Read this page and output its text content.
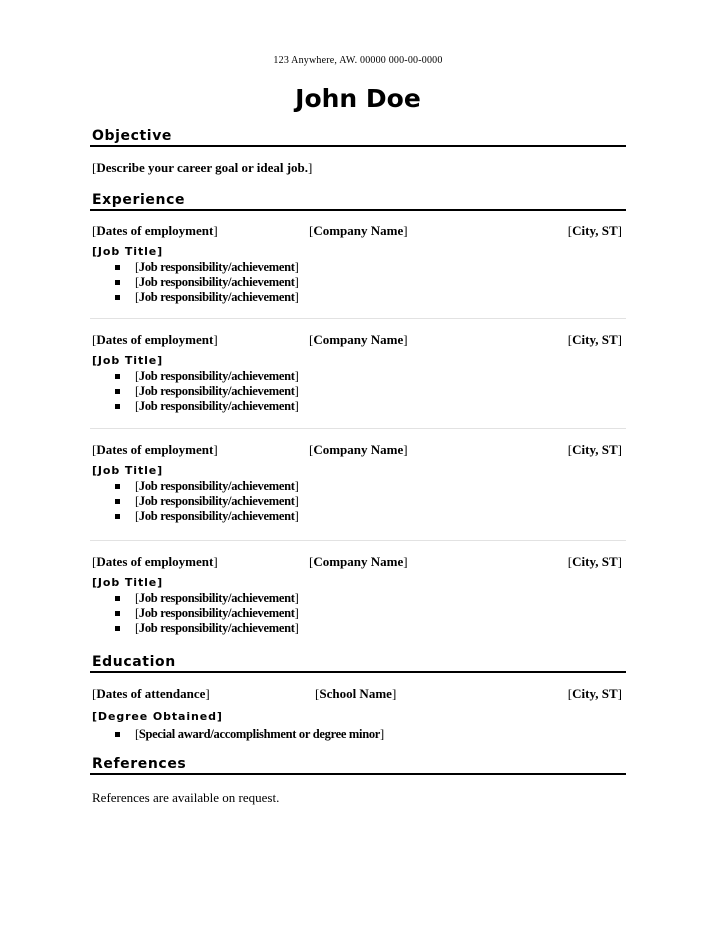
123 Anywhere, AW. 00000 000-00-0000
John Doe
Objective
[Describe your career goal or ideal job.]
Experience
[Dates of employment]	[Company Name]	[City, ST]
[Job Title]
[Job responsibility/achievement]
[Job responsibility/achievement]
[Job responsibility/achievement]
[Dates of employment]	[Company Name]	[City, ST]
[Job Title]
[Job responsibility/achievement]
[Job responsibility/achievement]
[Job responsibility/achievement]
[Dates of employment]	[Company Name]	[City, ST]
[Job Title]
[Job responsibility/achievement]
[Job responsibility/achievement]
[Job responsibility/achievement]
[Dates of employment]	[Company Name]	[City, ST]
[Job Title]
[Job responsibility/achievement]
[Job responsibility/achievement]
[Job responsibility/achievement]
Education
[Dates of attendance]	[School Name]	[City, ST]
[Degree Obtained]
[Special award/accomplishment or degree minor]
References
References are available on request.
